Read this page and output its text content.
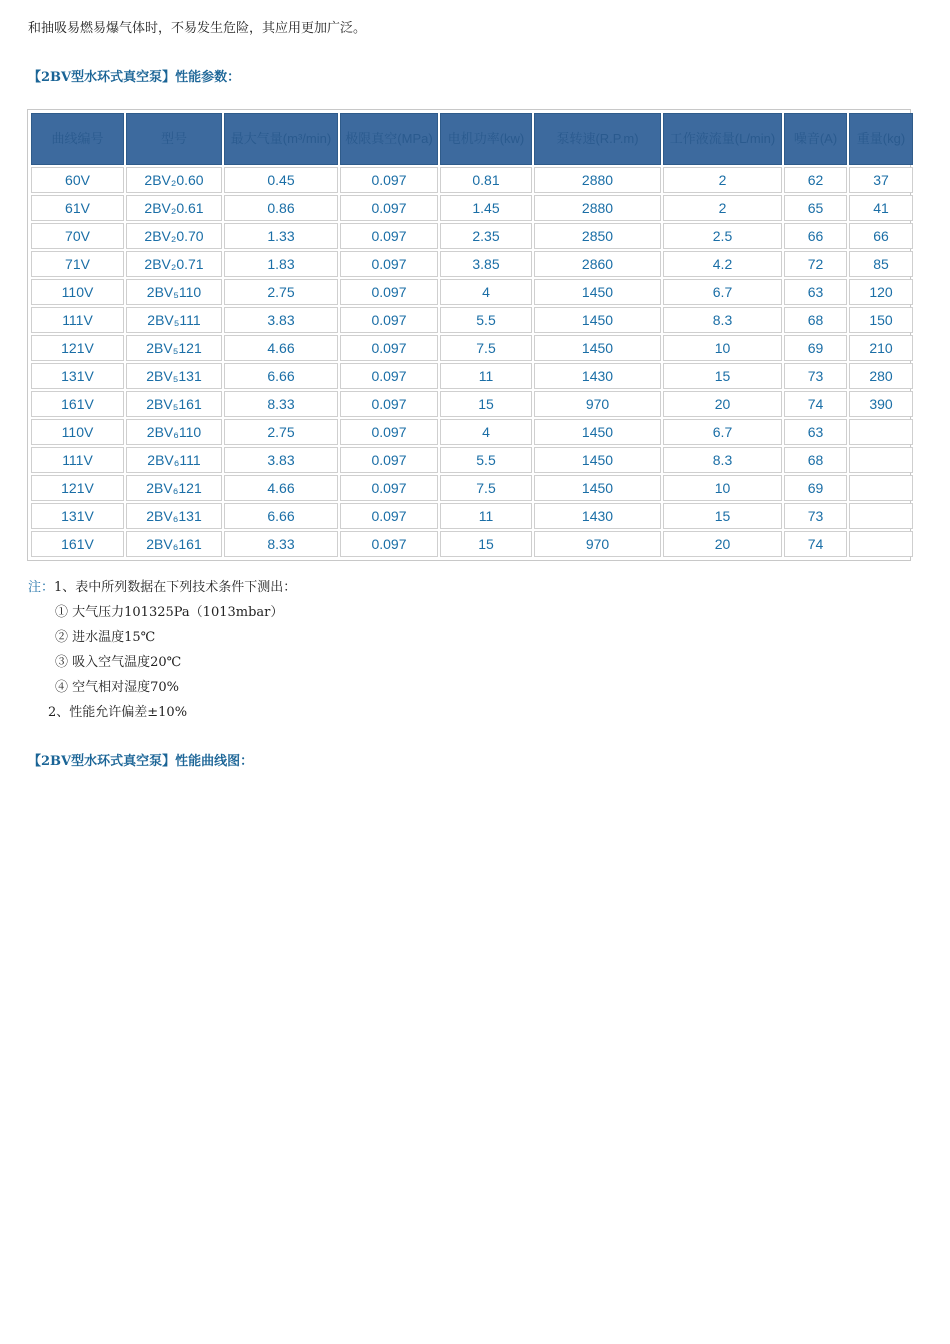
和抽吸易燃易爆气体时，不易发生危险，其应用更加广泛。

【2BV型水环式真空泵】性能参数：
曲线编号	型号	最大气量(m³/min)	极限真空(MPa)	电机功率(kw)	泵转速(R.P.m)	工作液流量(L/min)	噪音(A)	重量(kg)
60V	2BV₂0.60	0.45	0.097	0.81	2880	2	62	37
61V	2BV₂0.61	0.86	0.097	1.45	2880	2	65	41
70V	2BV₂0.70	1.33	0.097	2.35	2850	2.5	66	66
71V	2BV₂0.71	1.83	0.097	3.85	2860	4.2	72	85
110V	2BV₅110	2.75	0.097	4	1450	6.7	63	120
111V	2BV₅111	3.83	0.097	5.5	1450	8.3	68	150
121V	2BV₅121	4.66	0.097	7.5	1450	10	69	210
131V	2BV₅131	6.66	0.097	11	1430	15	73	280
161V	2BV₅161	8.33	0.097	15	970	20	74	390
110V	2BV₆110	2.75	0.097	4	1450	6.7	63	
111V	2BV₆111	3.83	0.097	5.5	1450	8.3	68	
121V	2BV₆121	4.66	0.097	7.5	1450	10	69	
131V	2BV₆131	6.66	0.097	11	1430	15	73	
161V	2BV₆161	8.33	0.097	15	970	20	74	
注：1、表中所列数据在下列技术条件下测出：
① 大气压力101325Pa（1013mbar）
② 进水温度15℃
③ 吸入空气温度20℃
④ 空气相对湿度70%
2、性能允许偏差±10%
【2BV型水环式真空泵】性能曲线图：
